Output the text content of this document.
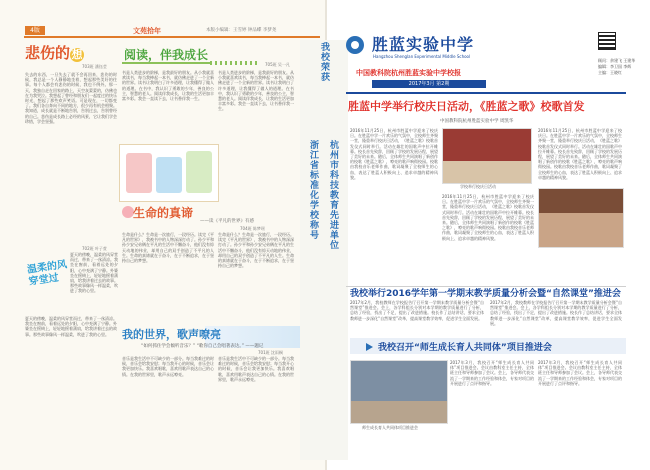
4版	文苑拾年	本版小编辑：王雪婷 钟品蝶 李梦尧
悲伤的 想
703班 潘钰莹
失去的东西，一旦失去了就不会再回来，悲伤的时候，我总是一个人静静地坐着，想起那些美好的往事。每个人都会有悲伤的时候，我也不例外。那一天，我独自走在回家的路上，天空灰蒙蒙的，仿佛也在为我哭泣。我想起了曾经和朋友们一起度过的快乐时光，想起了那些欢声笑语。可是现在，一切都变了。我们各自奔向不同的地方，很少再有机会相聚。我知道，成长就是不断地告别，告别过去，告别曾经的自己。悲伤是成长路上必经的风景，它让我们学会珍惜，学会坚强。
阅读，伴我成长
705班 吴一凡
书是人类进步的阶梯，是我最好的朋友。从小我就喜欢读书，每当我捧起一本书，就仿佛走进了一个全新的世界。读书让我明白了许多道理，让我懂得了做人的道理。在书中，我认识了勇敢的少年，善良的公主，智慧的老人。阅读伴我成长，让我的生活更加丰富多彩。我会一直读下去，让书香伴我一生。
书是人类进步的阶梯，是我最好的朋友。从小我就喜欢读书，每当我捧起一本书，就仿佛走进了一个全新的世界。读书让我明白了许多道理，让我懂得了做人的道理。在书中，我认识了勇敢的少年，善良的公主，智慧的老人。阅读伴我成长，让我的生活更加丰富多彩。我会一直读下去，让书香伴我一生。
生命的真谛
——读《平凡的世界》有感
704班 陈梦瑶
生命是什么？生命是一次旅行，一段经历。读完《平凡的世界》，我被书中的人物深深打动了。孙少平和孙少安兄弟俩在平凡的生活中不懈奋斗，他们没有惊天动地的伟业，却用自己的双手创造了不平凡的人生。生命的真谛就在于奋斗，在于不断追求，在于坚持自己的梦想。
生命是什么？生命是一次旅行，一段经历。读完《平凡的世界》，我被书中的人物深深打动了。孙少平和孙少安兄弟俩在平凡的生活中不懈奋斗，他们没有惊天动地的伟业，却用自己的双手创造了不平凡的人生。生命的真谛就在于奋斗，在于不断追求，在于坚持自己的梦想。
温柔的风穿堂过
702班 叶子萱
夏天的傍晚，温柔的风穿堂而过，带来了一丝清凉。我坐在窗前，看着远处的夕阳，心中充满了宁静。外婆坐在摇椅上，轻轻地摇着蒲扇，给我讲着过去的故事。那些故事像风一样温柔，吹进了我的心里。
夏天的傍晚，温柔的风穿堂而过，带来了一丝清凉。我坐在窗前，看着远处的夕阳，心中充满了宁静。外婆坐在摇椅上，轻轻地摇着蒲扇，给我讲着过去的故事。那些故事像风一样温柔，吹进了我的心里。	我的世界，歌声嘹亮
“如何抓住学会倾听音乐？” “歌你自己会唱著表达。” ——题记
701班 沈雨桐
音乐是我生活中不可缺少的一部分。每当我难过的时候，音乐会给我安慰；每当我开心的时候，音乐会让我更加快乐。我喜欢唱歌，喜欢用歌声表达自己的心情。在我的世界里，歌声永远嘹亮。
音乐是我生活中不可缺少的一部分。每当我难过的时候，音乐会给我安慰；每当我开心的时候，音乐会让我更加快乐。我喜欢唱歌，喜欢用歌声表达自己的心情。在我的世界里，歌声永远嘹亮。
我校荣获
杭州市科技教育先进单位
浙江省标准化学校称号
胜蓝实验中学
Hangzhou Shenglan Experimental Middle School
中国教科院杭州胜蓝实验中学校报
2017年3月 第2期
顾问：余建飞 王建华
编辑：李卫国 李辉
主编：王晓红
胜蓝中学举行校庆日活动，《胜蓝之歌》校歌首发
中国教科院杭州胜蓝实验中学 周凯华
2016年11月25日，杭州市胜蓝中学迎来了校庆日。在胜蓝中学一片欢乐的气氛中，全校师生齐聚一堂，隆重举行校庆日活动，《胜蓝之歌》校歌首发仪式同时举行。活动在雄壮的国歌声中拉开帷幕。校长首先致辞，回顾了学校的发展历程，展望了美好的未来。随后，全体师生共同演唱了新创作的校歌《胜蓝之歌》，嘹亮的歌声响彻校园。校歌由我校音乐老师作曲，歌词凝聚了全校师生的心血，表达了胜蓝人积极向上、追求卓越的精神风貌。
学校举行校庆日活动
2016年11月25日，杭州市胜蓝中学迎来了校庆日。在胜蓝中学一片欢乐的气氛中，全校师生齐聚一堂，隆重举行校庆日活动，《胜蓝之歌》校歌首发仪式同时举行。活动在雄壮的国歌声中拉开帷幕。校长首先致辞，回顾了学校的发展历程，展望了美好的未来。随后，全体师生共同演唱了新创作的校歌《胜蓝之歌》，嘹亮的歌声响彻校园。校歌由我校音乐老师作曲，歌词凝聚了全校师生的心血，表达了胜蓝人积极向上、追求卓越的精神风貌。
2016年11月25日，杭州市胜蓝中学迎来了校庆日。在胜蓝中学一片欢乐的气氛中，全校师生齐聚一堂，隆重举行校庆日活动，《胜蓝之歌》校歌首发仪式同时举行。活动在雄壮的国歌声中拉开帷幕。校长首先致辞，回顾了学校的发展历程，展望了美好的未来。随后，全体师生共同演唱了新创作的校歌《胜蓝之歌》，嘹亮的歌声响彻校园。校歌由我校音乐老师作曲，歌词凝聚了全校师生的心血，表达了胜蓝人积极向上、追求卓越的精神风貌。
我校举行2016学年第一学期末教学质量分析会暨“自然课堂”推进会
2017年2月，我校教师在学校报告厅召开第一学期末教学质量分析会暨“自然课堂”推进会。会上，各学科组长分别对本学期的教学质量进行了分析，总结了经验，找出了不足，提出了改进措施。校长作了总结讲话，要求全体教师进一步深化“自然课堂”改革，提高课堂教学效率，促进学生全面发展。
2017年2月，我校教师在学校报告厅召开第一学期末教学质量分析会暨“自然课堂”推进会。会上，各学科组长分别对本学期的教学质量进行了分析，总结了经验，找出了不足，提出了改进措施。校长作了总结讲话，要求全体教师进一步深化“自然课堂”改革，提高课堂教学效率，促进学生全面发展。
我校召开“师生成长育人共同体”项目推进会
师生成长育人共同体项目推进会
2017年3月，我校召开“师生成长育人共同体”项目推进会。会议由教科室主任主持，全体班主任和导师参加了会议。会上，各导师代表交流了一学期来的工作经验和体会，专家对项目的开展进行了点评和指导。
2017年3月，我校召开“师生成长育人共同体”项目推进会。会议由教科室主任主持，全体班主任和导师参加了会议。会上，各导师代表交流了一学期来的工作经验和体会，专家对项目的开展进行了点评和指导。
